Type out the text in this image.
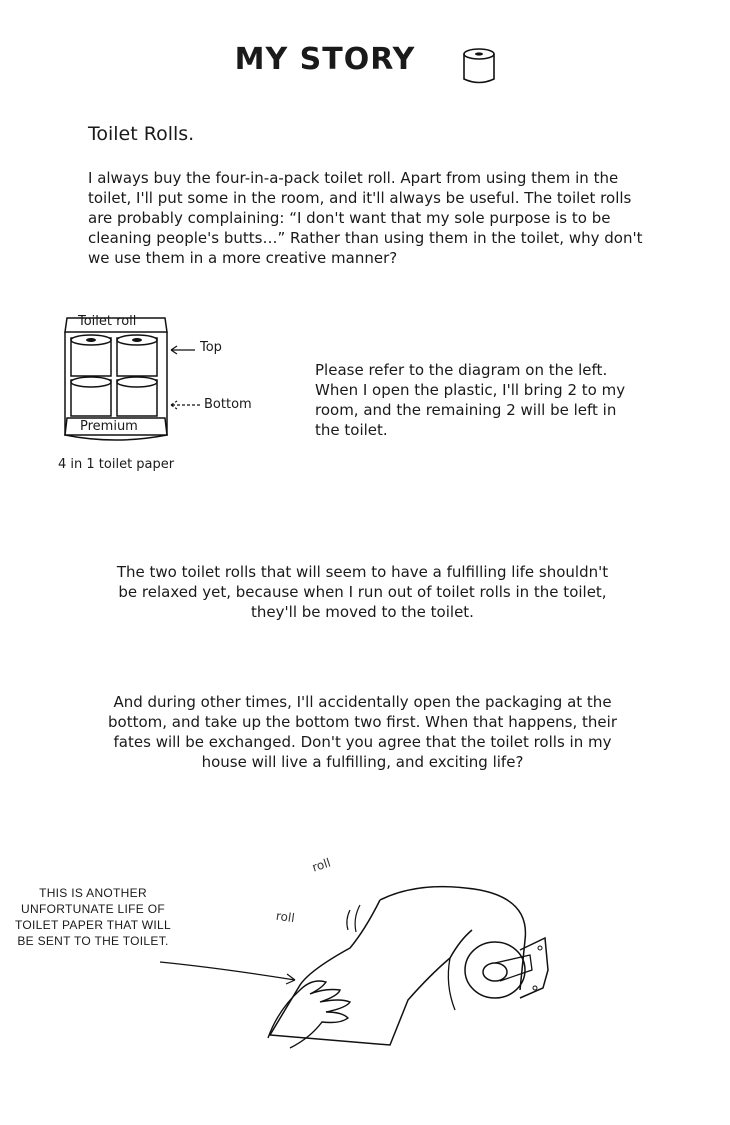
MY STORY
Toilet Rolls.
I always buy the four-in-a-pack toilet roll. Apart from using them in the toilet, I'll put some in the room, and it'll always be useful. The toilet rolls are probably complaining: “I don't want that my sole purpose is to be cleaning people's butts…” Rather than using them in the toilet, why don't we use them in a more creative manner?
Toilet roll
Premium
Top
Bottom
4 in 1 toilet paper
Please refer to the diagram on the left. When I open the plastic, I'll bring 2 to my room, and the remaining 2 will be left in the toilet.
The two toilet rolls that will seem to have a fulfilling life shouldn't be relaxed yet, because when I run out of toilet rolls in the toilet, they'll be moved to the toilet.
And during other times, I'll accidentally open the packaging at the bottom, and take up the bottom two first. When that happens, their fates will be exchanged. Don't you agree that the toilet rolls in my house will live a fulfilling, and exciting life?
roll
roll
THIS IS ANOTHER UNFORTUNATE LIFE OF TOILET PAPER THAT WILL BE SENT TO THE TOILET.
